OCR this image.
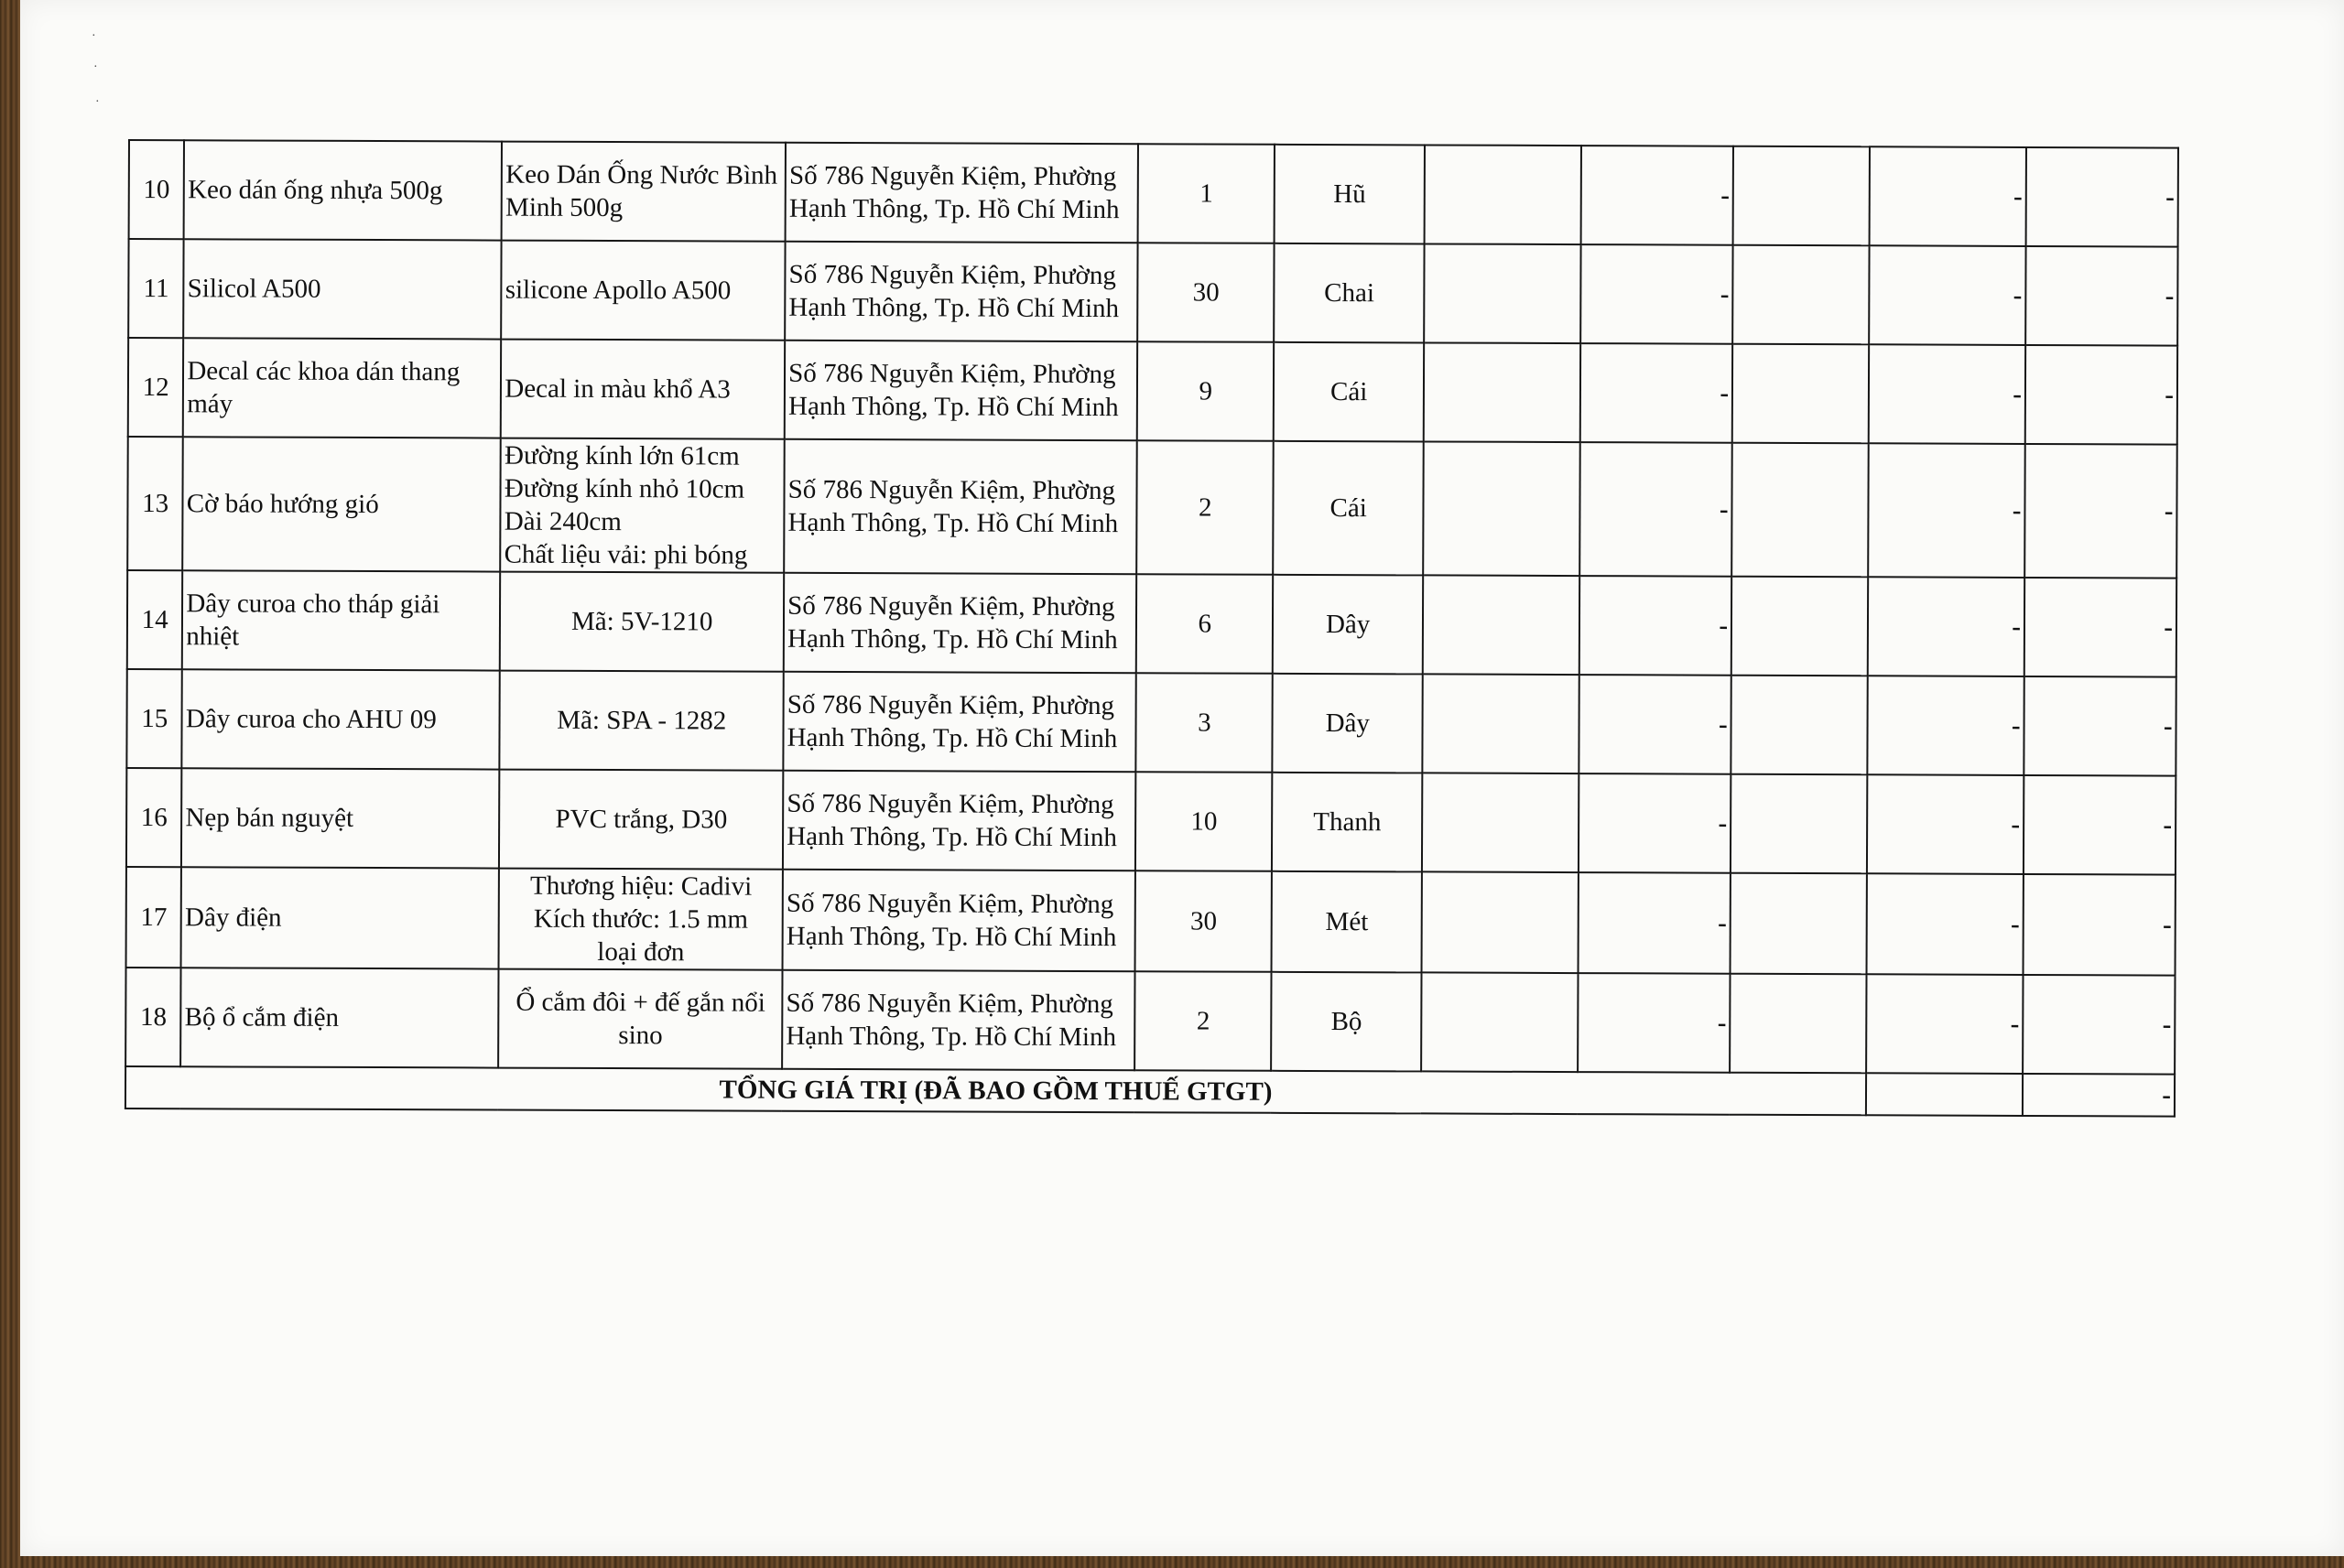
·
·
·
10	Keo dán ống nhựa 500g	Keo Dán Ống Nước Bình Minh 500g	Số 786 Nguyễn Kiệm, Phường Hạnh Thông, Tp. Hồ Chí Minh	1	Hũ		-		-	-
11	Silicol A500	silicone Apollo A500	Số 786 Nguyễn Kiệm, Phường Hạnh Thông, Tp. Hồ Chí Minh	30	Chai		-		-	-
12	Decal các khoa dán thang máy	Decal in màu khổ A3	Số 786 Nguyễn Kiệm, Phường Hạnh Thông, Tp. Hồ Chí Minh	9	Cái		-		-	-
13	Cờ báo hướng gió	Đường kính lớn 61cm
Đường kính nhỏ 10cm
Dài 240cm
Chất liệu vải: phi bóng	Số 786 Nguyễn Kiệm, Phường Hạnh Thông, Tp. Hồ Chí Minh	2	Cái		-		-	-
14	Dây curoa cho tháp giải nhiệt	Mã: 5V-1210	Số 786 Nguyễn Kiệm, Phường Hạnh Thông, Tp. Hồ Chí Minh	6	Dây		-		-	-
15	Dây curoa cho AHU 09	Mã: SPA - 1282	Số 786 Nguyễn Kiệm, Phường Hạnh Thông, Tp. Hồ Chí Minh	3	Dây		-		-	-
16	Nẹp bán nguyệt	PVC trắng, D30	Số 786 Nguyễn Kiệm, Phường Hạnh Thông, Tp. Hồ Chí Minh	10	Thanh		-		-	-
17	Dây điện	Thương hiệu: Cadivi
Kích thước: 1.5 mm
loại đơn	Số 786 Nguyễn Kiệm, Phường Hạnh Thông, Tp. Hồ Chí Minh	30	Mét		-		-	-
18	Bộ ổ cắm điện	Ổ cắm đôi + đế gắn nổi sino	Số 786 Nguyễn Kiệm, Phường Hạnh Thông, Tp. Hồ Chí Minh	2	Bộ		-		-	-
TỔNG GIÁ TRỊ (ĐÃ BAO GỒM THUẾ GTGT)										-
